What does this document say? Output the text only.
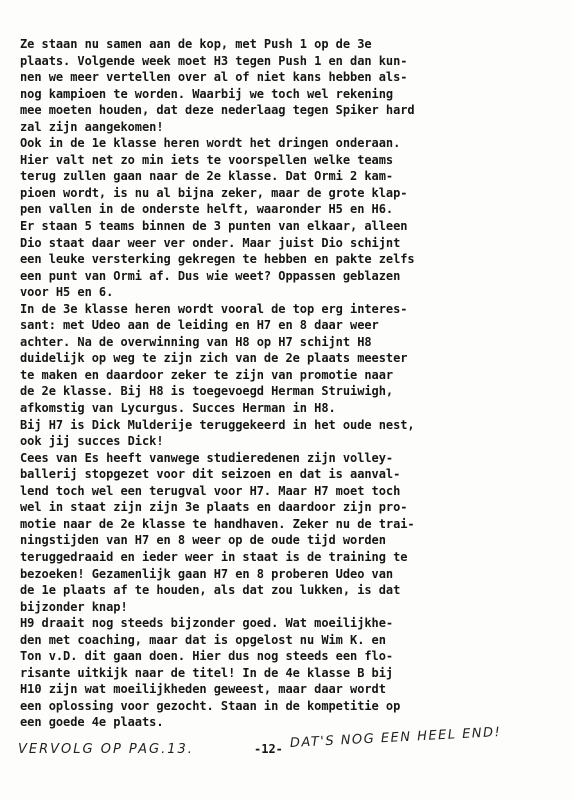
Ze staan nu samen aan de kop, met Push 1 op de 3e
plaats. Volgende week moet H3 tegen Push 1 en dan kun-
nen we meer vertellen over al of niet kans hebben als-
nog kampioen te worden. Waarbij we toch wel rekening
mee moeten houden, dat deze nederlaag tegen Spiker hard
zal zijn aangekomen!
Ook in de 1e klasse heren wordt het dringen onderaan.
Hier valt net zo min iets te voorspellen welke teams
terug zullen gaan naar de 2e klasse. Dat Ormi 2 kam-
pioen wordt, is nu al bijna zeker, maar de grote klap-
pen vallen in de onderste helft, waaronder H5 en H6.
Er staan 5 teams binnen de 3 punten van elkaar, alleen
Dio staat daar weer ver onder. Maar juist Dio schijnt
een leuke versterking gekregen te hebben en pakte zelfs
een punt van Ormi af. Dus wie weet? Oppassen geblazen
voor H5 en 6.
In de 3e klasse heren wordt vooral de top erg interes-
sant: met Udeo aan de leiding en H7 en 8 daar weer
achter. Na de overwinning van H8 op H7 schijnt H8
duidelijk op weg te zijn zich van de 2e plaats meester
te maken en daardoor zeker te zijn van promotie naar
de 2e klasse. Bij H8 is toegevoegd Herman Struiwigh,
afkomstig van Lycurgus. Succes Herman in H8.
Bij H7 is Dick Mulderije teruggekeerd in het oude nest,
ook jij succes Dick!
Cees van Es heeft vanwege studieredenen zijn volley-
ballerij stopgezet voor dit seizoen en dat is aanval-
lend toch wel een terugval voor H7. Maar H7 moet toch
wel in staat zijn zijn 3e plaats en daardoor zijn pro-
motie naar de 2e klasse te handhaven. Zeker nu de trai-
ningstijden van H7 en 8 weer op de oude tijd worden
teruggedraaid en ieder weer in staat is de training te
bezoeken! Gezamenlijk gaan H7 en 8 proberen Udeo van
de 1e plaats af te houden, als dat zou lukken, is dat
bijzonder knap!
H9 draait nog steeds bijzonder goed. Wat moeilijkhe-
den met coaching, maar dat is opgelost nu Wim K. en
Ton v.D. dit gaan doen. Hier dus nog steeds een flo-
risante uitkijk naar de titel! In de 4e klasse B bij
H10 zijn wat moeilijkheden geweest, maar daar wordt
een oplossing voor gezocht. Staan in de kompetitie op
een goede 4e plaats.
VERVOLG OP PAG.13.	-12- DAT'S NOG EEN HEEL END!
